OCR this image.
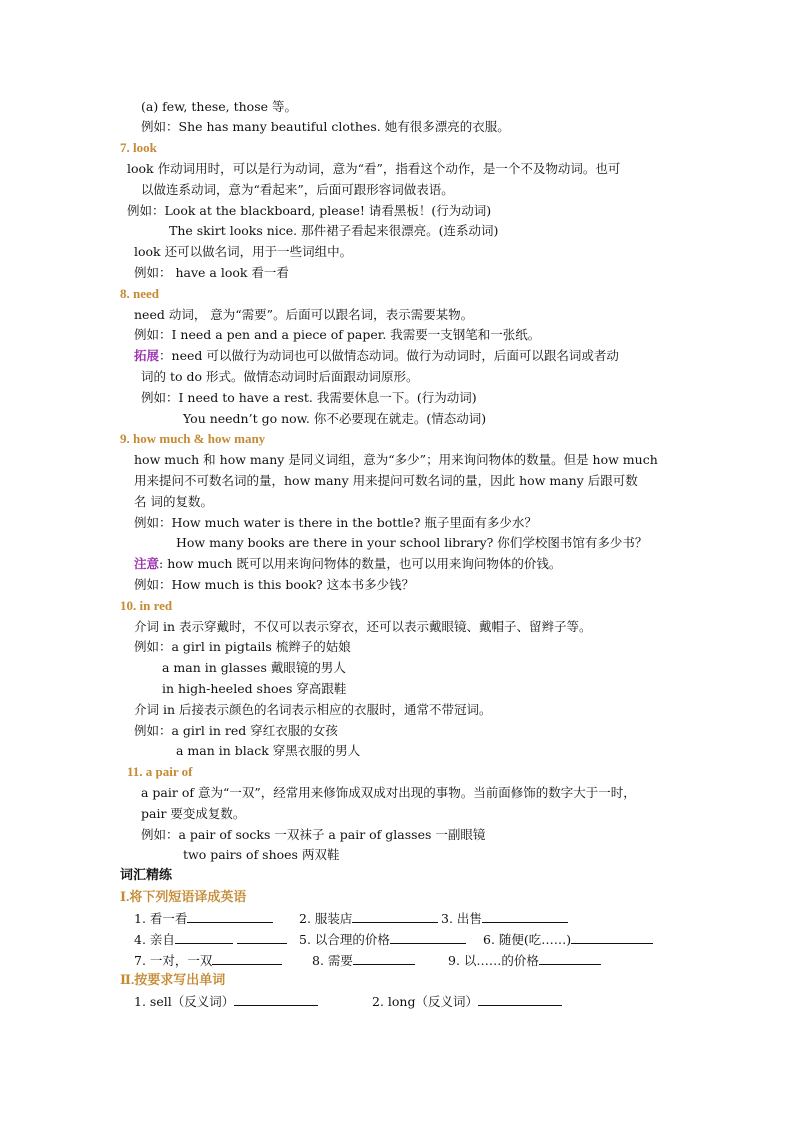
(a) few, these, those 等。
例如：She has many beautiful clothes. 她有很多漂亮的衣服。
7. look
look 作动词用时，可以是行为动词，意为“看”，指看这个动作，是一个不及物动词。也可
以做连系动词，意为“看起来”，后面可跟形容词做表语。
例如：Look at the blackboard, please! 请看黑板！(行为动词)
The skirt looks nice. 那件裙子看起来很漂亮。(连系动词)
look 还可以做名词，用于一些词组中。
例如： have a look 看一看
8. need
need 动词， 意为“需要”。后面可以跟名词，表示需要某物。
例如：I need a pen and a piece of paper. 我需要一支钢笔和一张纸。
拓展：need 可以做行为动词也可以做情态动词。做行为动词时，后面可以跟名词或者动
词的 to do 形式。做情态动词时后面跟动词原形。
例如：I need to have a rest. 我需要休息一下。(行为动词)
You needn’t go now. 你不必要现在就走。(情态动词)
9. how much & how many
how much 和 how many 是同义词组，意为“多少”；用来询问物体的数量。但是 how much
用来提问不可数名词的量，how many 用来提问可数名词的量，因此 how many 后跟可数
名 词的复数。
例如：How much water is there in the bottle? 瓶子里面有多少水？
How many books are there in your school library? 你们学校图书馆有多少书？
注意: how much 既可以用来询问物体的数量，也可以用来询问物体的价钱。
例如：How much is this book? 这本书多少钱？
10. in red
介词 in 表示穿戴时，不仅可以表示穿衣，还可以表示戴眼镜、戴帽子、留辫子等。
例如：a girl in pigtails 梳辫子的姑娘
a man in glasses 戴眼镜的男人
in high-heeled shoes 穿高跟鞋
介词 in 后接表示颜色的名词表示相应的衣服时，通常不带冠词。
例如：a girl in red 穿红衣服的女孩
a man in black 穿黑衣服的男人
11. a pair of
a pair of 意为“一双”，经常用来修饰成双成对出现的事物。当前面修饰的数字大于一时，
pair 要变成复数。
例如：a pair of socks 一双袜子 a pair of glasses 一副眼镜
two pairs of shoes 两双鞋
词汇精练
Ⅰ.将下列短语译成英语
1. 看一看	2. 服装店	3. 出售
4. 亲自	5. 以合理的价格	6. 随便(吃……)
7. 一对，一双	8. 需要	9. 以……的价格
Ⅱ.按要求写出单词
1. sell（反义词）	2. long（反义词）
